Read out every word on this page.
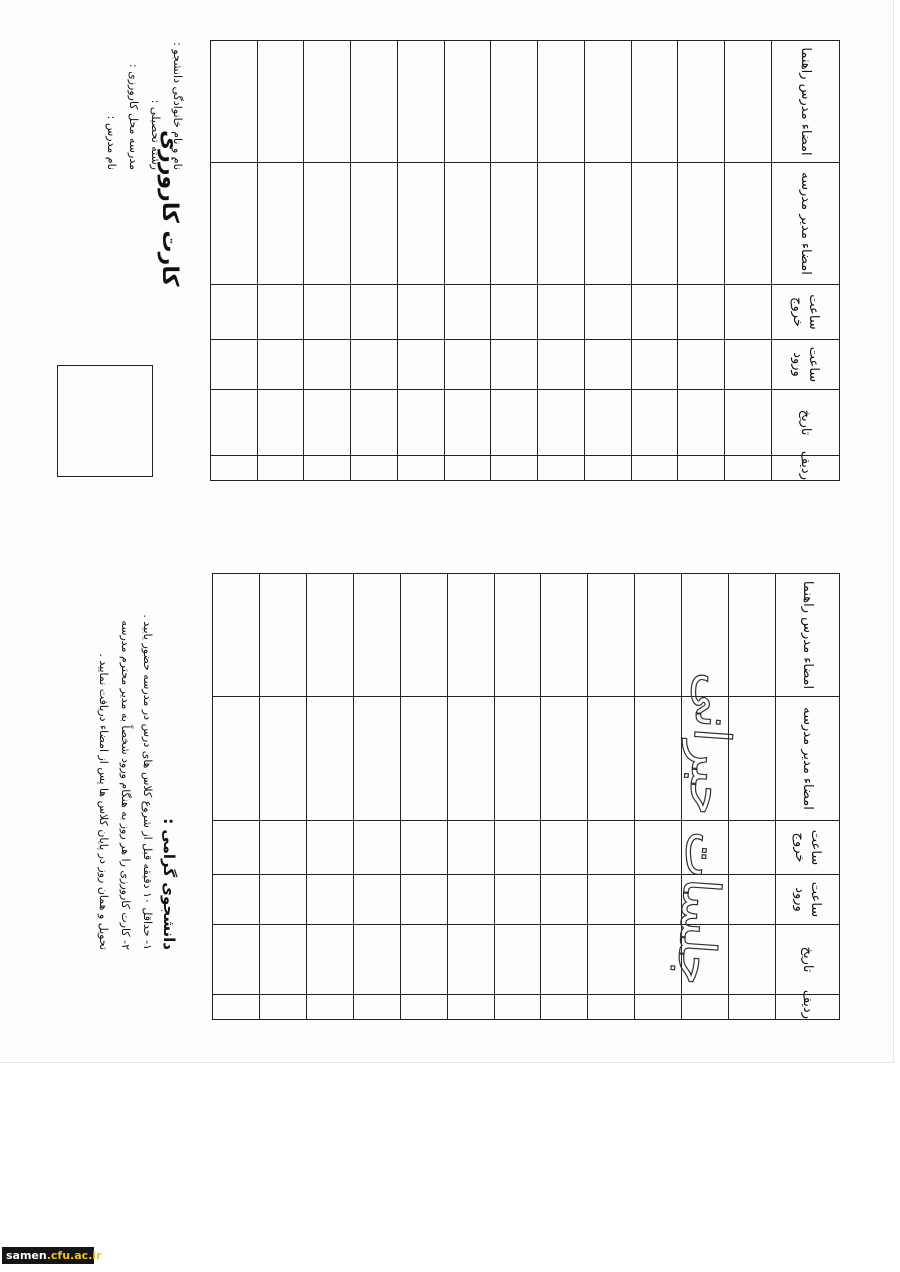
کارت کارورزی
نام و نام خانوادگی دانشجو :
رشته تحصیلی :
مدرسه محل کارورزی :
نام مدرس :
ردیف	تاریخ	ساعت ورود	ساعت خروج	امضاء مدیر مدرسه	امضاء مدرس راهنما

دانشجوی گرامی :
۱- حداقل ۱۰ دقیقه قبل از شروع کلاس های درس در مدرسه حضور یابید .
۲- کارت کارورزی را هر روز به هنگام ورود شخصاً به مدیر محترم مدرسه
تحویل و همان روز در پایان کلاس ها پس از امضاء دریافت نمایید .
ردیف	تاریخ	ساعت ورود	ساعت خروج	امضاء مدیر مدرسه	امضاء مدرس راهنما

جلسات حبرانی
samen.cfu.ac.ir
